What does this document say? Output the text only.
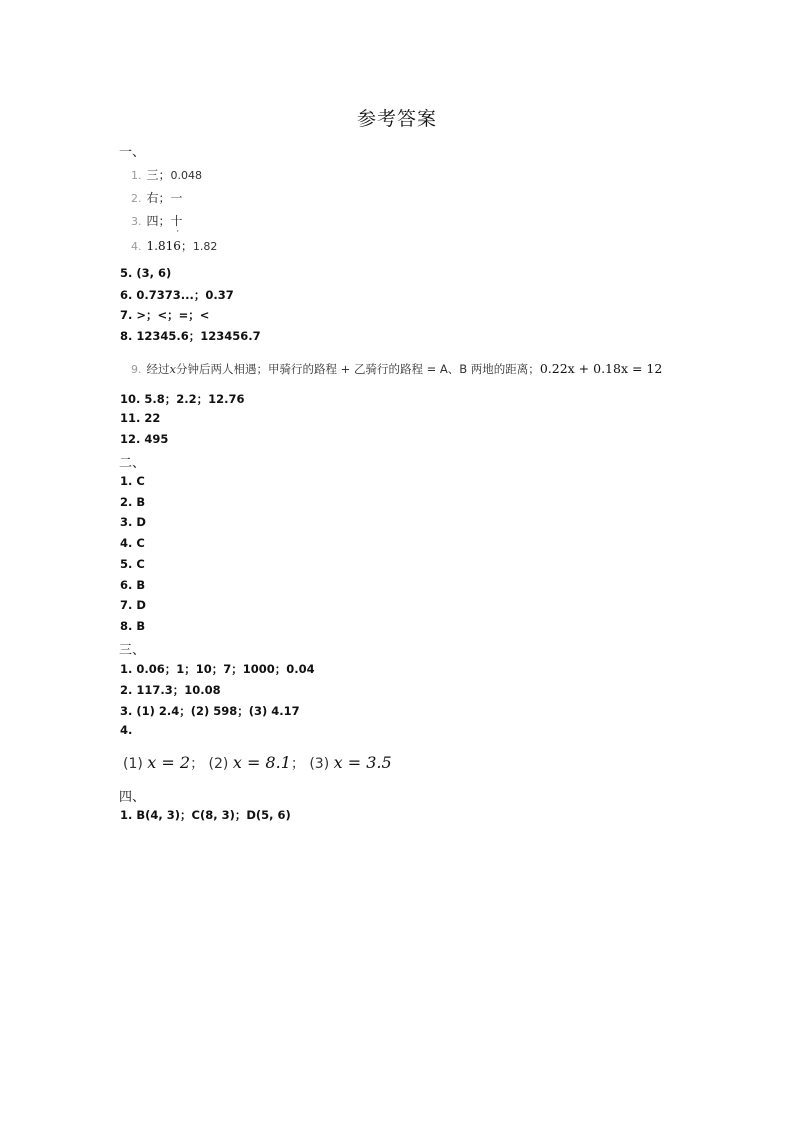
参考答案
一、
1. 三；0.048
2. 右；一
3. 四；十
4. 1.816
˙
；1.82
5. (3, 6)
6. 0.7373...；0.37
7. >；<；=；<
8. 12345.6；123456.7
9. 经过x分钟后两人相遇；甲骑行的路程 + 乙骑行的路程 = A、B 两地的距离；0.22x + 0.18x = 12
10. 5.8；2.2；12.76
11. 22
12. 495
二、
1. C
2. B
3. D
4. C
5. C
6. B
7. D
8. B
三、
1. 0.06；1；10；7；1000；0.04
2. 117.3；10.08
3. (1) 2.4；(2) 598；(3) 4.17
4.
(1) x = 2； (2) x = 8.1； (3) x = 3.5
四、
1. B(4, 3)；C(8, 3)；D(5, 6)
